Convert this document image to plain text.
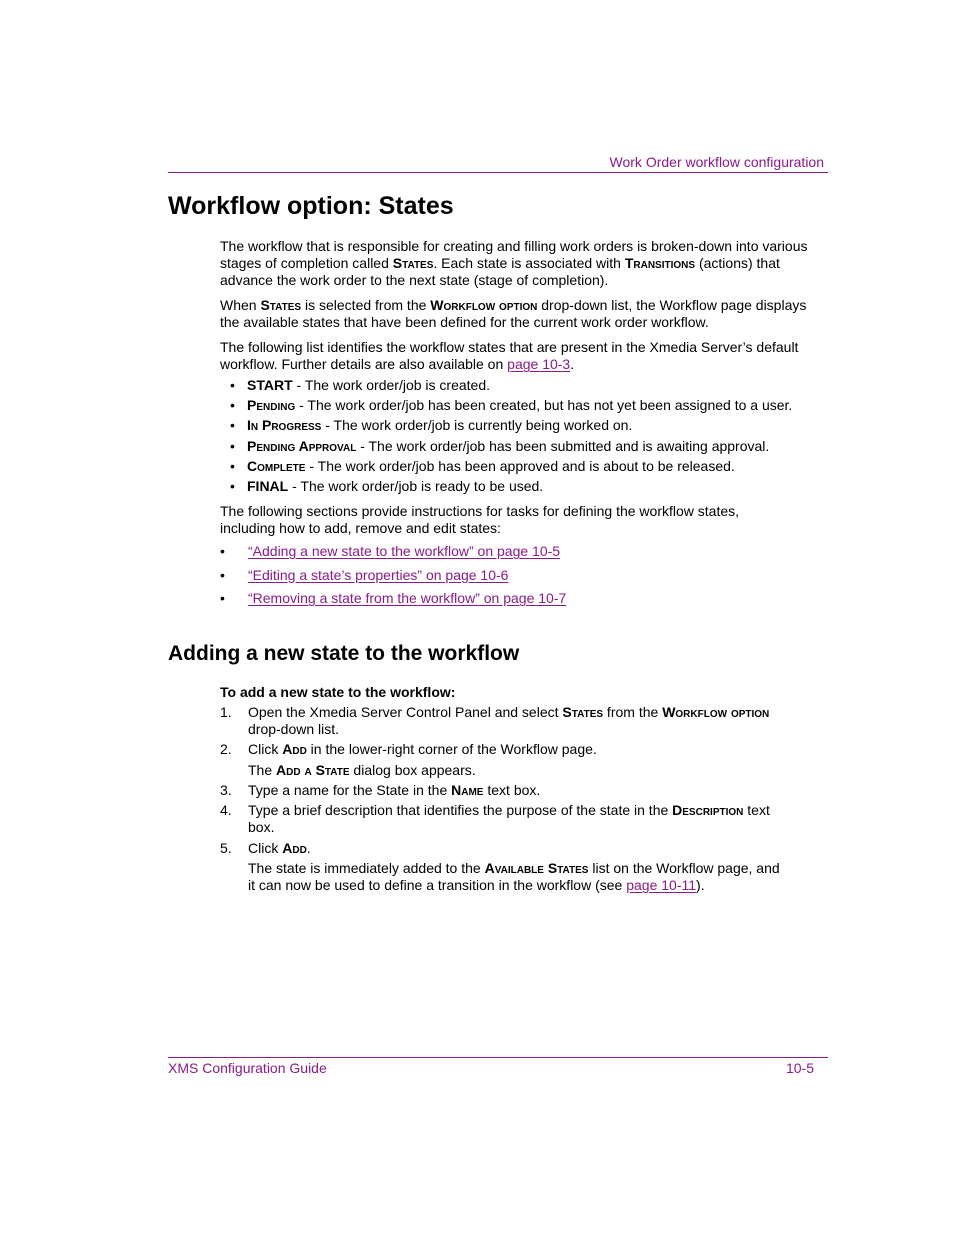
Work Order workflow configuration
Workflow option: States

The workflow that is responsible for creating and filling work orders is broken-down into various stages of completion called States. Each state is associated with Transitions (actions) that advance the work order to the next state (stage of completion).

When States is selected from the Workflow option drop-down list, the Workflow page displays the available states that have been defined for the current work order workflow.

The following list identifies the workflow states that are present in the Xmedia Server’s default workflow. Further details are also available on page 10-3.

• START - The work order/job is created.
• Pending - The work order/job has been created, but has not yet been assigned to a user.
• In Progress - The work order/job is currently being worked on.
• Pending Approval - The work order/job has been submitted and is awaiting approval.
• Complete - The work order/job has been approved and is about to be released.
• FINAL - The work order/job is ready to be used.

The following sections provide instructions for tasks for defining the workflow states, including how to add, remove and edit states:

• “Adding a new state to the workflow” on page 10-5
• “Editing a state’s properties” on page 10-6
• “Removing a state from the workflow” on page 10-7
Adding a new state to the workflow

To add a new state to the workflow:

1. Open the Xmedia Server Control Panel and select States from the Workflow option drop-down list.
2. Click Add in the lower-right corner of the Workflow page.
The Add a State dialog box appears.
3. Type a name for the State in the Name text box.
4. Type a brief description that identifies the purpose of the state in the Description text box.
5. Click Add.
The state is immediately added to the Available States list on the Workflow page, and it can now be used to define a transition in the workflow (see page 10-11).
XMS Configuration Guide	10-5
